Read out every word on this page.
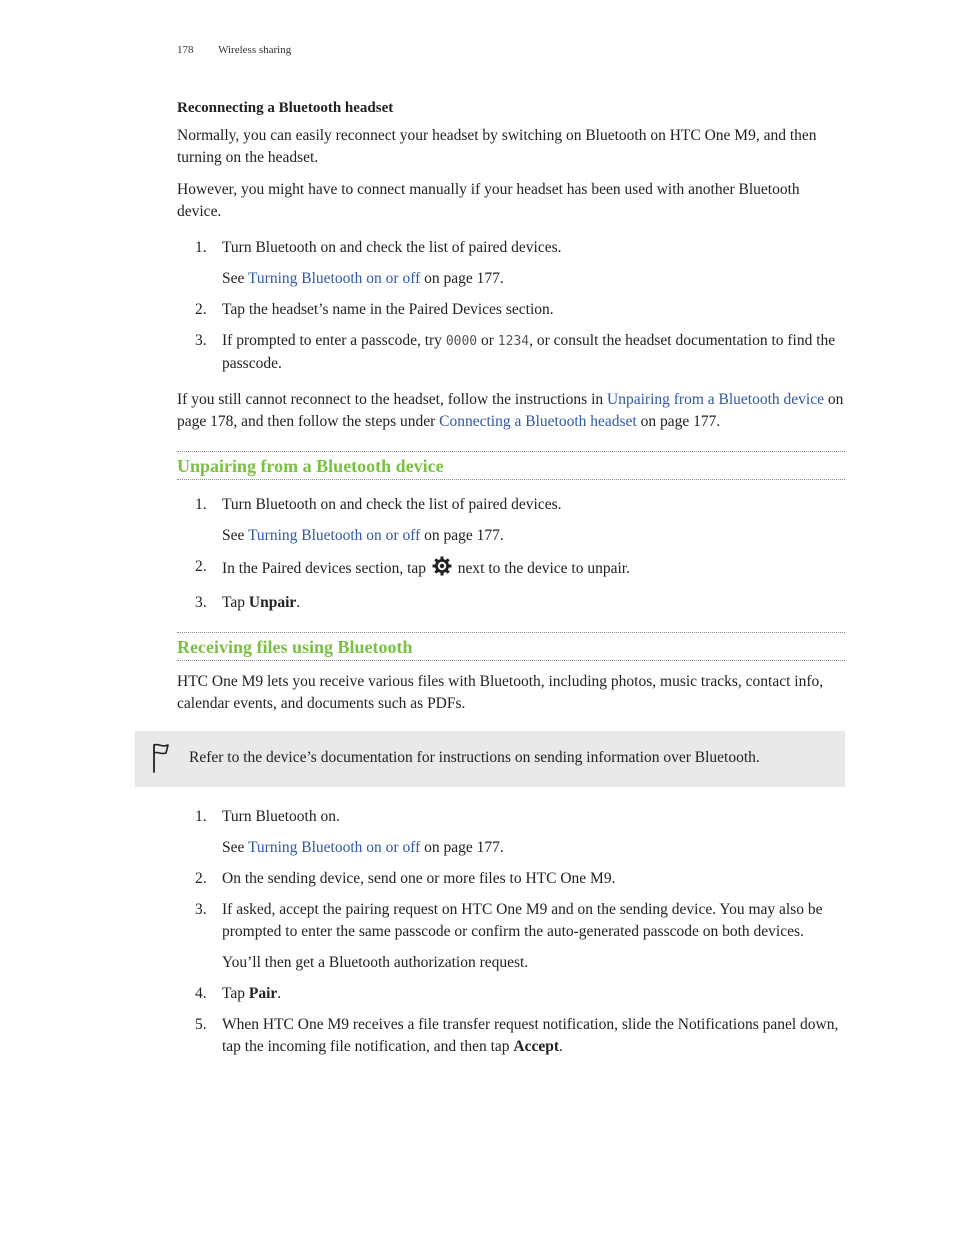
178 Wireless sharing
Reconnecting a Bluetooth headset

Normally, you can easily reconnect your headset by switching on Bluetooth on HTC One M9, and then turning on the headset.

However, you might have to connect manually if your headset has been used with another Bluetooth device.

1. Turn Bluetooth on and check the list of paired devices.
See Turning Bluetooth on or off on page 177.
2. Tap the headset’s name in the Paired Devices section.
3. If prompted to enter a passcode, try 0000 or 1234, or consult the headset documentation to find the passcode.

If you still cannot reconnect to the headset, follow the instructions in Unpairing from a Bluetooth device on page 178, and then follow the steps under Connecting a Bluetooth headset on page 177.

Unpairing from a Bluetooth device
1. Turn Bluetooth on and check the list of paired devices.
See Turning Bluetooth on or off on page 177.
2. In the Paired devices section, tap next to the device to unpair.
3. Tap Unpair.
Receiving files using Bluetooth

HTC One M9 lets you receive various files with Bluetooth, including photos, music tracks, contact info, calendar events, and documents such as PDFs.

Refer to the device’s documentation for instructions on sending information over Bluetooth.
1. Turn Bluetooth on.
See Turning Bluetooth on or off on page 177.
2. On the sending device, send one or more files to HTC One M9.
3. If asked, accept the pairing request on HTC One M9 and on the sending device. You may also be prompted to enter the same passcode or confirm the auto-generated passcode on both devices.
You’ll then get a Bluetooth authorization request.
4. Tap Pair.
5. When HTC One M9 receives a file transfer request notification, slide the Notifications panel down, tap the incoming file notification, and then tap Accept.
